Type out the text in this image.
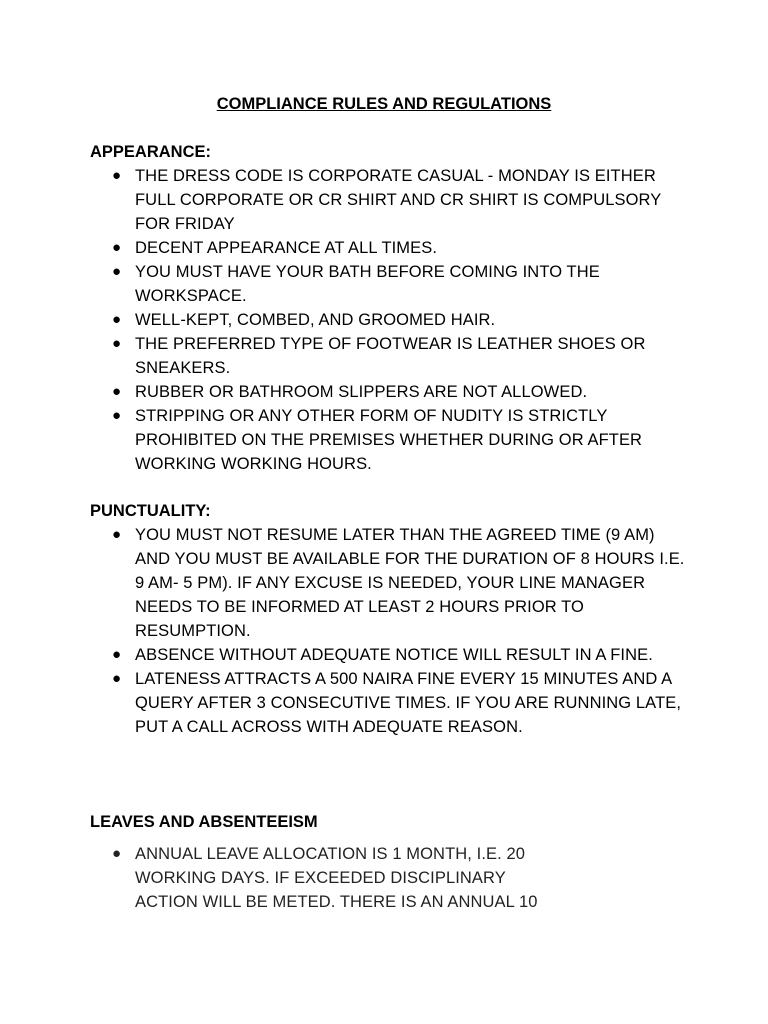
COMPLIANCE RULES AND REGULATIONS

APPEARANCE:

● THE DRESS CODE IS CORPORATE CASUAL - MONDAY IS EITHER FULL CORPORATE OR CR SHIRT AND CR SHIRT IS COMPULSORY FOR FRIDAY
● DECENT APPEARANCE AT ALL TIMES.
● YOU MUST HAVE YOUR BATH BEFORE COMING INTO THE WORKSPACE.
● WELL-KEPT, COMBED, AND GROOMED HAIR.
● THE PREFERRED TYPE OF FOOTWEAR IS LEATHER SHOES OR SNEAKERS.
● RUBBER OR BATHROOM SLIPPERS ARE NOT ALLOWED.
● STRIPPING OR ANY OTHER FORM OF NUDITY IS STRICTLY PROHIBITED ON THE PREMISES WHETHER DURING OR AFTER WORKING WORKING HOURS.

PUNCTUALITY:

● YOU MUST NOT RESUME LATER THAN THE AGREED TIME (9 AM) AND YOU MUST BE AVAILABLE FOR THE DURATION OF 8 HOURS I.E. 9 AM- 5 PM). IF ANY EXCUSE IS NEEDED, YOUR LINE MANAGER NEEDS TO BE INFORMED AT LEAST 2 HOURS PRIOR TO RESUMPTION.
● ABSENCE WITHOUT ADEQUATE NOTICE WILL RESULT IN A FINE.
● LATENESS ATTRACTS A 500 NAIRA FINE EVERY 15 MINUTES AND A QUERY AFTER 3 CONSECUTIVE TIMES. IF YOU ARE RUNNING LATE, PUT A CALL ACROSS WITH ADEQUATE REASON.

LEAVES AND ABSENTEEISM

● ANNUAL LEAVE ALLOCATION IS 1 MONTH, I.E. 20 WORKING DAYS. IF EXCEEDED DISCIPLINARY ACTION WILL BE METED. THERE IS AN ANNUAL 10
